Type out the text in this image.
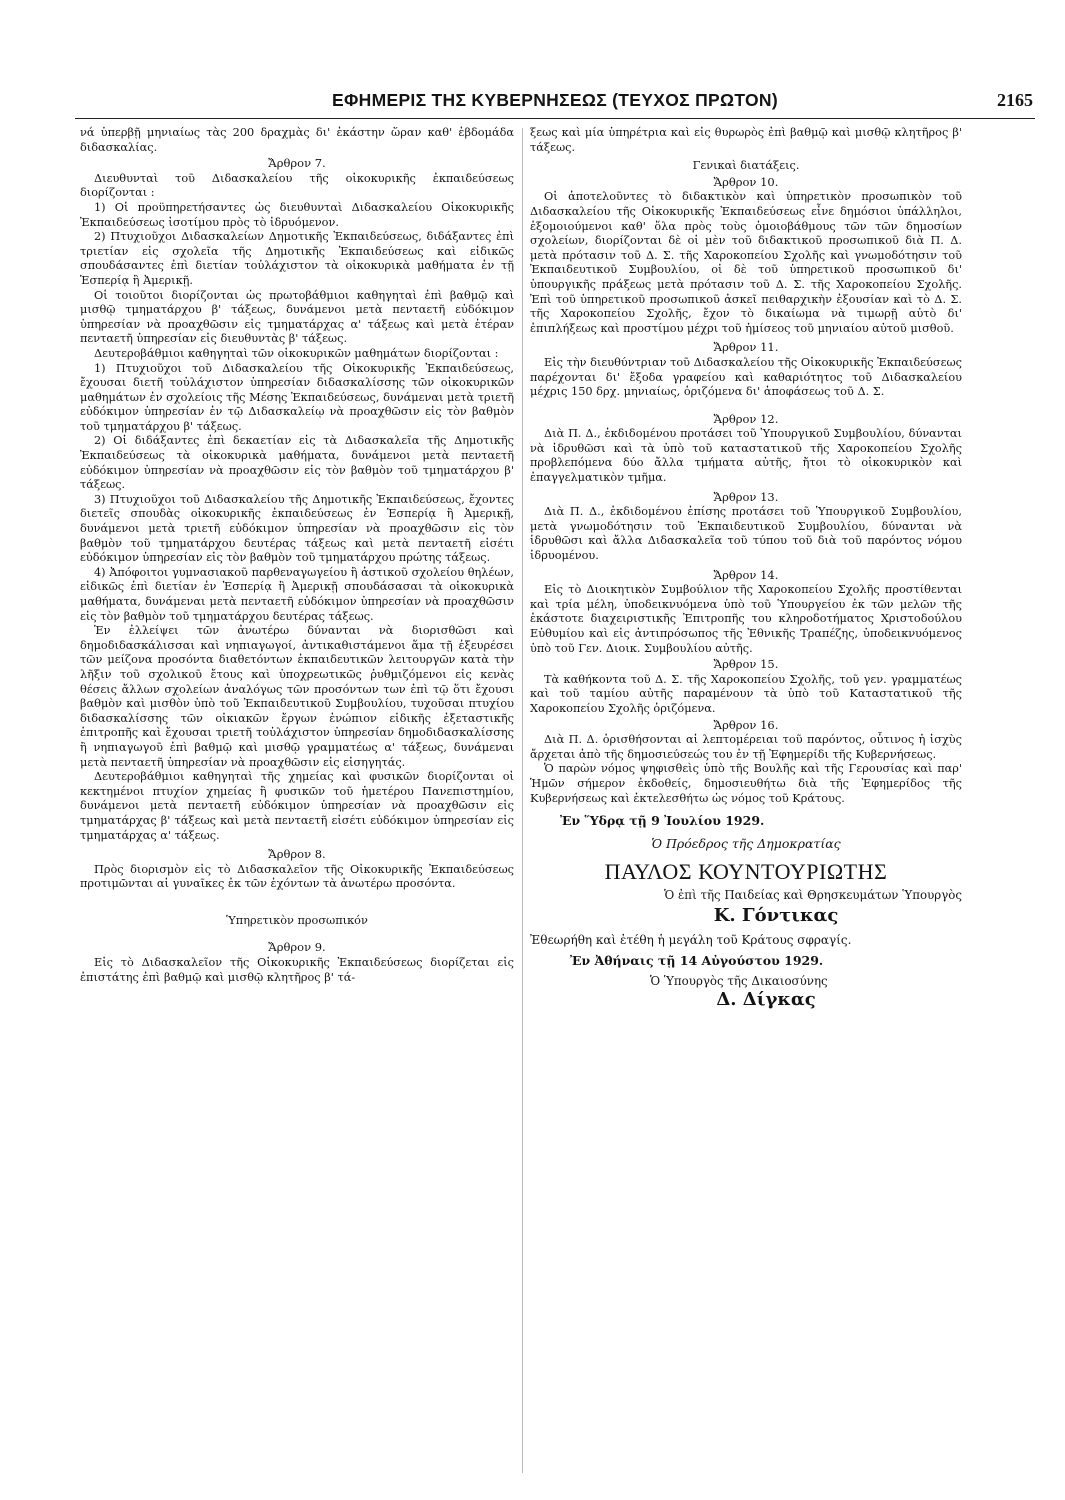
ΕΦΗΜΕΡΙΣ ΤΗΣ ΚΥΒΕΡΝΗΣΕΩΣ (ΤΕΥΧΟΣ ΠΡΩΤΟΝ)	2165

νά ὑπερβῇ μηνιαίως τὰς 200 δραχμὰς δι' ἑκάστην ὥραν καθ' ἑβδομάδα διδασκαλίας.

Ἄρθρον 7.

Διευθυνταὶ τοῦ Διδασκαλείου τῆς οἰκοκυρικῆς ἐκπαιδεύσεως διορίζονται :

1) Οἱ προϋπηρετήσαντες ὡς διευθυνταὶ Διδασκαλείου Οἰκοκυρικῆς Ἐκπαιδεύσεως ἰσοτίμου πρὸς τὸ ἱδρυόμενον.

2) Πτυχιοῦχοι Διδασκαλείων Δημοτικῆς Ἐκπαιδεύσεως, διδάξαντες ἐπὶ τριετίαν εἰς σχολεῖα τῆς Δημοτικῆς Ἐκπαιδεύσεως καὶ εἰδικῶς σπουδάσαντες ἐπὶ διετίαν τοὐλάχιστον τὰ οἰκοκυρικὰ μαθήματα ἐν τῇ Ἑσπερίᾳ ἢ Ἀμερικῇ.

Οἱ τοιοῦτοι διορίζονται ὡς πρωτοβάθμιοι καθηγηταὶ ἐπὶ βαθμῷ καὶ μισθῷ τμηματάρχου β' τάξεως, δυνάμενοι μετὰ πενταετῆ εὐδόκιμον ὑπηρεσίαν νὰ προαχθῶσιν εἰς τμηματάρχας α' τάξεως καὶ μετὰ ἑτέραν πενταετῆ ὑπηρεσίαν εἰς διευθυντὰς β' τάξεως.

Δευτεροβάθμιοι καθηγηταὶ τῶν οἰκοκυρικῶν μαθημάτων διορίζονται :

1) Πτυχιοῦχοι τοῦ Διδασκαλείου τῆς Οἰκοκυρικῆς Ἐκπαιδεύσεως, ἔχουσαι διετῆ τοὐλάχιστον ὑπηρεσίαν διδασκαλίσσης τῶν οἰκοκυρικῶν μαθημάτων ἐν σχολείοις τῆς Μέσης Ἐκπαιδεύσεως, δυνάμεναι μετὰ τριετῆ εὐδόκιμον ὑπηρεσίαν ἐν τῷ Διδασκαλείῳ νὰ προαχθῶσιν εἰς τὸν βαθμὸν τοῦ τμηματάρχου β' τάξεως.

2) Οἱ διδάξαντες ἐπὶ δεκαετίαν εἰς τὰ Διδασκαλεῖα τῆς Δημοτικῆς Ἐκπαιδεύσεως τὰ οἰκοκυρικὰ μαθήματα, δυνάμενοι μετὰ πενταετῆ εὐδόκιμον ὑπηρεσίαν νὰ προαχθῶσιν εἰς τὸν βαθμὸν τοῦ τμηματάρχου β' τάξεως.

3) Πτυχιοῦχοι τοῦ Διδασκαλείου τῆς Δημοτικῆς Ἐκπαιδεύσεως, ἔχοντες διετεῖς σπουδὰς οἰκοκυρικῆς ἐκπαιδεύσεως ἐν Ἑσπερίᾳ ἢ Ἀμερικῇ, δυνάμενοι μετὰ τριετῆ εὐδόκιμον ὑπηρεσίαν νὰ προαχθῶσιν εἰς τὸν βαθμὸν τοῦ τμηματάρχου δευτέρας τάξεως καὶ μετὰ πενταετῆ εἰσέτι εὐδόκιμον ὑπηρεσίαν εἰς τὸν βαθμὸν τοῦ τμηματάρχου πρώτης τάξεως.

4) Ἀπόφοιτοι γυμνασιακοῦ παρθεναγωγείου ἢ ἀστικοῦ σχολείου θηλέων, εἰδικῶς ἐπὶ διετίαν ἐν Ἑσπερίᾳ ἢ Ἀμερικῇ σπουδάσασαι τὰ οἰκοκυρικὰ μαθήματα, δυνάμεναι μετὰ πενταετῆ εὐδόκιμον ὑπηρεσίαν νὰ προαχθῶσιν εἰς τὸν βαθμὸν τοῦ τμηματάρχου δευτέρας τάξεως.

Ἐν ἐλλείψει τῶν ἀνωτέρω δύνανται νὰ διορισθῶσι καὶ δημοδιδασκάλισσαι καὶ νηπιαγωγοί, ἀντικαθιστάμενοι ἅμα τῇ ἐξευρέσει τῶν μείζονα προσόντα διαθετόντων ἐκπαιδευτικῶν λειτουργῶν κατὰ τὴν λῆξιν τοῦ σχολικοῦ ἔτους καὶ ὑποχρεωτικῶς ῥυθμιζόμενοι εἰς κενὰς θέσεις ἄλλων σχολείων ἀναλόγως τῶν προσόντων των ἐπὶ τῷ ὅτι ἔχουσι βαθμὸν καὶ μισθὸν ὑπὸ τοῦ Ἐκπαιδευτικοῦ Συμβουλίου, τυχοῦσαι πτυχίου διδασκαλίσσης τῶν οἰκιακῶν ἔργων ἐνώπιον εἰδικῆς ἐξεταστικῆς ἐπιτροπῆς καὶ ἔχουσαι τριετῆ τοὐλάχιστον ὑπηρεσίαν δημοδιδασκαλίσσης ἢ νηπιαγωγοῦ ἐπὶ βαθμῷ καὶ μισθῷ γραμματέως α' τάξεως, δυνάμεναι μετὰ πενταετῆ ὑπηρεσίαν νὰ προαχθῶσιν εἰς εἰσηγητάς.

Δευτεροβάθμιοι καθηγηταὶ τῆς χημείας καὶ φυσικῶν διορίζονται οἱ κεκτημένοι πτυχίον χημείας ἢ φυσικῶν τοῦ ἡμετέρου Πανεπιστημίου, δυνάμενοι μετὰ πενταετῆ εὐδόκιμον ὑπηρεσίαν νὰ προαχθῶσιν εἰς τμηματάρχας β' τάξεως καὶ μετὰ πενταετῆ εἰσέτι εὐδόκιμον ὑπηρεσίαν εἰς τμηματάρχας α' τάξεως.

Ἄρθρον 8.

Πρὸς διορισμὸν εἰς τὸ Διδασκαλεῖον τῆς Οἰκοκυρικῆς Ἐκπαιδεύσεως προτιμῶνται αἱ γυναῖκες ἐκ τῶν ἐχόντων τὰ ἀνωτέρω προσόντα.

Ὑπηρετικὸν προσωπικόν

Ἄρθρον 9.

Εἰς τὸ Διδασκαλεῖον τῆς Οἰκοκυρικῆς Ἐκπαιδεύσεως διορίζεται εἰς ἐπιστάτης ἐπὶ βαθμῷ καὶ μισθῷ κλητῆρος β' τά-

ξεως καὶ μία ὑπηρέτρια καὶ εἰς θυρωρὸς ἐπὶ βαθμῷ καὶ μισθῷ κλητῆρος β' τάξεως.

Γενικαὶ διατάξεις.

Ἄρθρον 10.

Οἱ ἀποτελοῦντες τὸ διδακτικὸν καὶ ὑπηρετικὸν προσωπικὸν τοῦ Διδασκαλείου τῆς Οἰκοκυρικῆς Ἐκπαιδεύσεως εἶνε δημόσιοι ὑπάλληλοι, ἐξομοιούμενοι καθ' ὅλα πρὸς τοὺς ὁμοιοβάθμους τῶν τῶν δημοσίων σχολείων, διορίζονται δὲ οἱ μὲν τοῦ διδακτικοῦ προσωπικοῦ διὰ Π. Δ. μετὰ πρότασιν τοῦ Δ. Σ. τῆς Χαροκοπείου Σχολῆς καὶ γνωμοδότησιν τοῦ Ἐκπαιδευτικοῦ Συμβουλίου, οἱ δὲ τοῦ ὑπηρετικοῦ προσωπικοῦ δι' ὑπουργικῆς πράξεως μετὰ πρότασιν τοῦ Δ. Σ. τῆς Χαροκοπείου Σχολῆς. Ἐπὶ τοῦ ὑπηρετικοῦ προσωπικοῦ ἀσκεῖ πειθαρχικὴν ἐξουσίαν καὶ τὸ Δ. Σ. τῆς Χαροκοπείου Σχολῆς, ἔχον τὸ δικαίωμα νὰ τιμωρῇ αὐτὸ δι' ἐπιπλήξεως καὶ προστίμου μέχρι τοῦ ἡμίσεος τοῦ μηνιαίου αὐτοῦ μισθοῦ.

Ἄρθρον 11.

Εἰς τὴν διευθύντριαν τοῦ Διδασκαλείου τῆς Οἰκοκυρικῆς Ἐκπαιδεύσεως παρέχονται δι' ἔξοδα γραφείου καὶ καθαριότητος τοῦ Διδασκαλείου μέχρις 150 δρχ. μηνιαίως, ὁριζόμενα δι' ἀποφάσεως τοῦ Δ. Σ.

Ἄρθρον 12.

Διὰ Π. Δ., ἐκδιδομένου προτάσει τοῦ Ὑπουργικοῦ Συμβουλίου, δύνανται νὰ ἱδρυθῶσι καὶ τὰ ὑπὸ τοῦ καταστατικοῦ τῆς Χαροκοπείου Σχολῆς προβλεπόμενα δύο ἄλλα τμήματα αὐτῆς, ἤτοι τὸ οἰκοκυρικὸν καὶ ἐπαγγελματικὸν τμῆμα.

Ἄρθρον 13.

Διὰ Π. Δ., ἐκδιδομένου ἐπίσης προτάσει τοῦ Ὑπουργικοῦ Συμβουλίου, μετὰ γνωμοδότησιν τοῦ Ἐκπαιδευτικοῦ Συμβουλίου, δύνανται νὰ ἱδρυθῶσι καὶ ἄλλα Διδασκαλεῖα τοῦ τύπου τοῦ διὰ τοῦ παρόντος νόμου ἱδρυομένου.

Ἄρθρον 14.

Εἰς τὸ Διοικητικὸν Συμβούλιον τῆς Χαροκοπείου Σχολῆς προστίθενται καὶ τρία μέλη, ὑποδεικνυόμενα ὑπὸ τοῦ Ὑπουργείου ἐκ τῶν μελῶν τῆς ἑκάστοτε διαχειριστικῆς Ἐπιτροπῆς του κληροδοτήματος Χριστοδούλου Εὐθυμίου καὶ εἰς ἀντιπρόσωπος τῆς Ἐθνικῆς Τραπέζης, ὑποδεικνυόμενος ὑπὸ τοῦ Γεν. Διοικ. Συμβουλίου αὐτῆς.

Ἄρθρον 15.

Τὰ καθήκοντα τοῦ Δ. Σ. τῆς Χαροκοπείου Σχολῆς, τοῦ γεν. γραμματέως καὶ τοῦ ταμίου αὐτῆς παραμένουν τὰ ὑπὸ τοῦ Καταστατικοῦ τῆς Χαροκοπείου Σχολῆς ὁριζόμενα.

Ἄρθρον 16.

Διὰ Π. Δ. ὁρισθήσονται αἱ λεπτομέρειαι τοῦ παρόντος, οὗτινος ἡ ἰσχὺς ἄρχεται ἀπὸ τῆς δημοσιεύσεώς του ἐν τῇ Ἐφημερίδι τῆς Κυβερνήσεως.

Ὁ παρὼν νόμος ψηφισθεὶς ὑπὸ τῆς Βουλῆς καὶ τῆς Γερουσίας καὶ παρ' Ἡμῶν σήμερον ἐκδοθείς, δημοσιευθήτω διὰ τῆς Ἐφημερίδος τῆς Κυβερνήσεως καὶ ἐκτελεσθήτω ὡς νόμος τοῦ Κράτους.

Ἐν Ὕδρᾳ τῇ 9 Ἰουλίου 1929.

Ὁ Πρόεδρος τῆς Δημοκρατίας

ΠΑΥΛΟΣ ΚΟΥΝΤΟΥΡΙΩΤΗΣ

Ὁ ἐπὶ τῆς Παιδείας καὶ Θρησκευμάτων Ὑπουργὸς

Κ. Γόντικας

Ἐθεωρήθη καὶ ἐτέθη ἡ μεγάλη τοῦ Κράτους σφραγίς.

Ἐν Ἀθήναις τῇ 14 Αὐγούστου 1929.

Ὁ Ὑπουργὸς τῆς Δικαιοσύνης

Δ. Δίγκας
